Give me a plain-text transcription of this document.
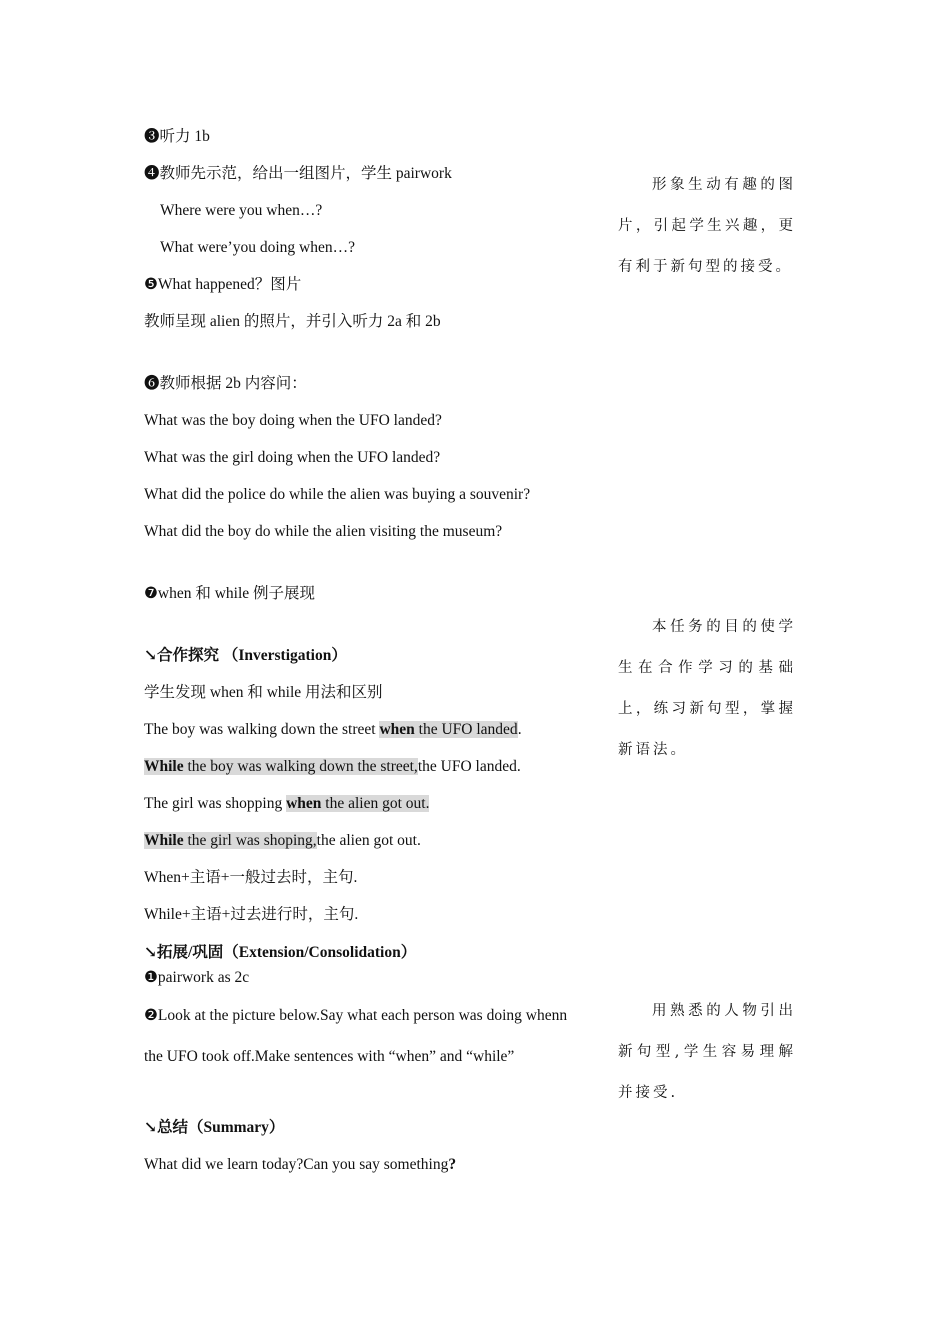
❸听力 1b
❹教师先示范，给出一组图片，学生 pairwork
Where were you when…?
What were’you doing when…?
❺What happened？图片
教师呈现 alien 的照片，并引入听力 2a 和 2b
❻教师根据 2b 内容问：
What was the boy doing when the UFO landed?
What was the girl doing when the UFO landed?
What did the police do while the alien was buying a souvenir?
What did the boy do while the alien visiting the museum?
❼when 和 while 例子展现
↘合作探究 （Inverstigation）
学生发现 when 和 while 用法和区别
The boy was walking down the street when the UFO landed.
While the boy was walking down the street,the UFO landed.
The girl was shopping when the alien got out.
While the girl was shoping,the alien got out.
When+主语+一般过去时，主句.
While+主语+过去进行时，主句.
↘拓展/巩固（Extension/Consolidation）
❶pairwork as 2c
❷Look at the picture below.Say what each person was doing whenn
the UFO took off.Make sentences with “when” and “while”
↘总结（Summary）
What did we learn today?Can you say something?
形象生动有趣的图片，引起学生兴趣，更有利于新句型的接受。
本任务的目的使学生在合作学习的基础上，练习新句型，掌握新语法。
用熟悉的人物引出新句型,学生容易理解并接受.
